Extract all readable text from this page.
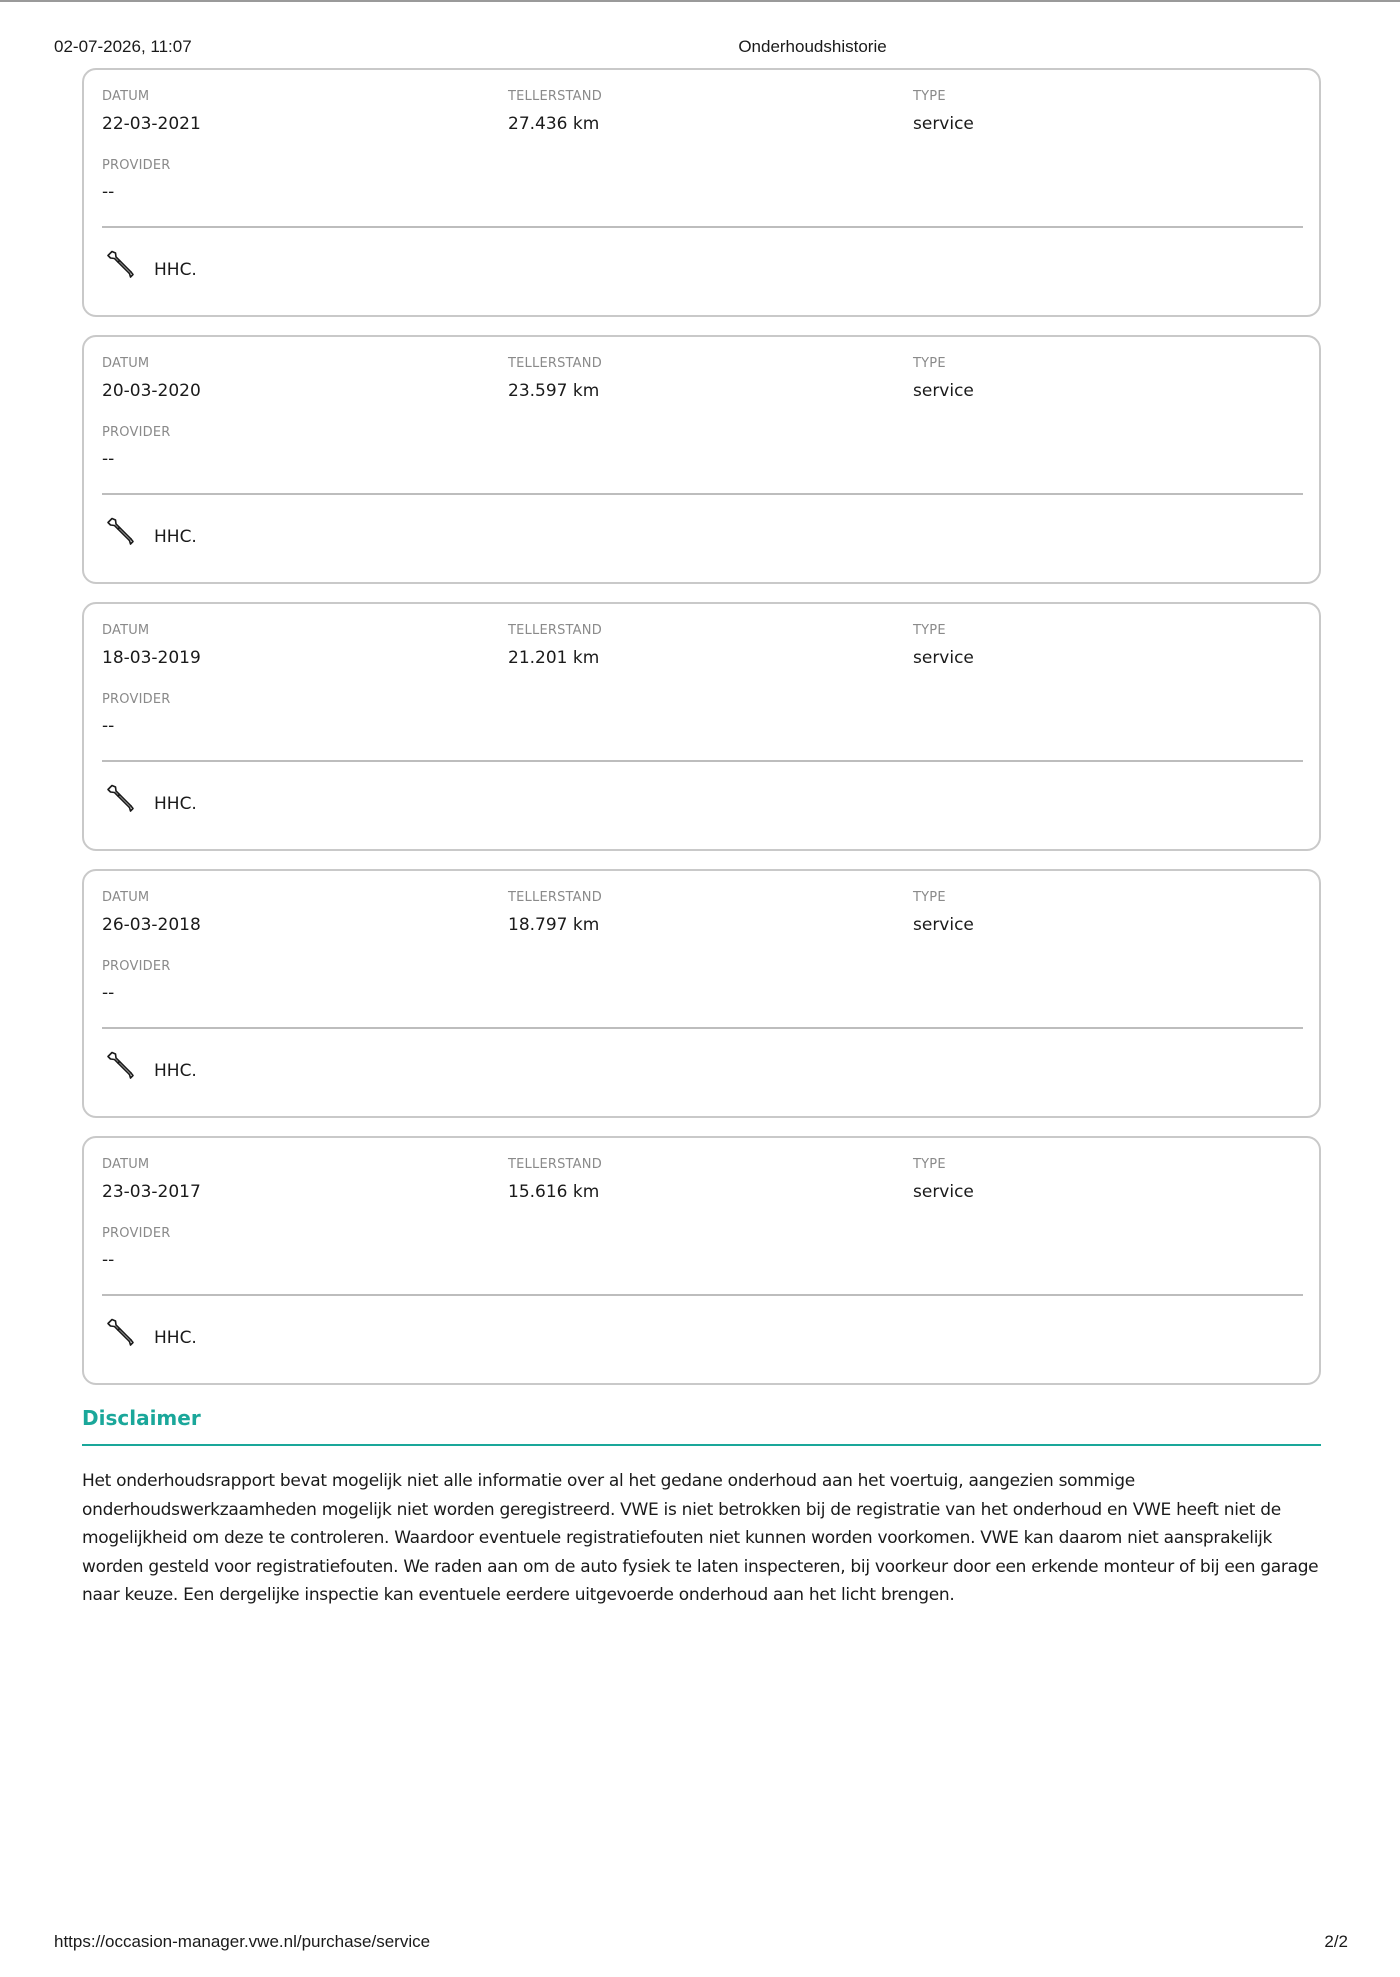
02-07-2026, 11:07	Onderhoudshistorie
DATUM
22-03-2021
TELLERSTAND
27.436 km
TYPE
service
PROVIDER
--
HHC.
DATUM
20-03-2020
TELLERSTAND
23.597 km
TYPE
service
PROVIDER
--
HHC.
DATUM
18-03-2019
TELLERSTAND
21.201 km
TYPE
service
PROVIDER
--
HHC.
DATUM
26-03-2018
TELLERSTAND
18.797 km
TYPE
service
PROVIDER
--
HHC.
DATUM
23-03-2017
TELLERSTAND
15.616 km
TYPE
service
PROVIDER
--
HHC.
Disclaimer
Het onderhoudsrapport bevat mogelijk niet alle informatie over al het gedane onderhoud aan het voertuig, aangezien sommige onderhoudswerkzaamheden mogelijk niet worden geregistreerd. VWE is niet betrokken bij de registratie van het onderhoud en VWE heeft niet de mogelijkheid om deze te controleren. Waardoor eventuele registratiefouten niet kunnen worden voorkomen. VWE kan daarom niet aansprakelijk worden gesteld voor registratiefouten. We raden aan om de auto fysiek te laten inspecteren, bij voorkeur door een erkende monteur of bij een garage naar keuze. Een dergelijke inspectie kan eventuele eerdere uitgevoerde onderhoud aan het licht brengen.
https://occasion-manager.vwe.nl/purchase/service	2/2
